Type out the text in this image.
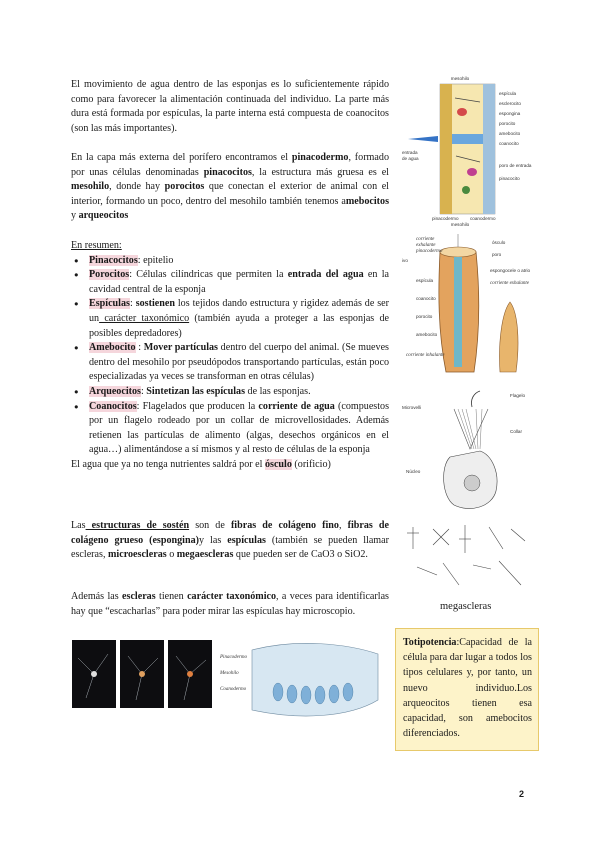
El movimiento de agua dentro de las esponjas es lo suficientemente rápido como para favorecer la alimentación continuada del individuo. La parte más dura está formada por espículas, la parte interna está compuesta de coanocitos (son las más importantes).

En la capa más externa del porífero encontramos el pinacodermo, formado por unas células denominadas pinacocitos, la estructura más gruesa es el mesohilo, donde hay porocitos que conectan el exterior de animal con el interior, formando un poco, dentro del mesohilo también tenemos amebocitos y arqueocitos

En resumen:

● Pinacocitos: epitelio
● Porocitos: Células cilíndricas que permiten la entrada del agua en la cavidad central de la esponja
● Espículas: sostienen los tejidos dando estructura y rigidez además de ser un carácter taxonómico (también ayuda a proteger a las esponjas de posibles depredadores)
● Amebocito : Mover partículas dentro del cuerpo del animal. (Se mueves dentro del mesohilo por pseudópodos transportando partículas, están poco especializadas ya veces se transforman en otras células)
● Arqueocitos: Sintetizan las espículas de las esponjas.
● Coanocitos: Flagelados que producen la corriente de agua (compuestos por un flagelo rodeado por un collar de microvellosidades. Además retienen las partículas de alimento (algas, desechos orgánicos en el agua…) alimentándose a sí mismos y al resto de células de la esponja

El agua que ya no tenga nutrientes saldrá por el ósculo (orificio)

Las estructuras de sostén son de fibras de colágeno fino, fibras de colágeno grueso (espongina)y las espículas (también se pueden llamar escleras, microescleras o megaescleras que pueden ser de CaO3 o SiO2.

Además las escleras tienen carácter taxonómico, a veces para identificarlas hay que “escacharlas” para poder mirar las espículas hay microscopio.

mesohilo
entrada
de agua
espícula
esclerocito
espongina
porocito
amebocito
coanocito
poro de entrada
pinacocito
pinacodermo coanodermo
mesohilo
corriente
exhalante
pinacodermo
ósculo
poro
espongocele o atrio
corriente exhalante
ivo
espícula
coanocito
porocito
amebocito
corriente inhalante
Flagelo
Microvelli
Collar
Núcleo
megascleras
Pinacodermo
Mesohilo
Coanodermo
Totipotencia:Capacidad de la célula para dar lugar a todos los tipos celulares y, por tanto, un nuevo individuo.Los arqueocitos tienen esa capacidad, son amebocitos diferenciados.
2
